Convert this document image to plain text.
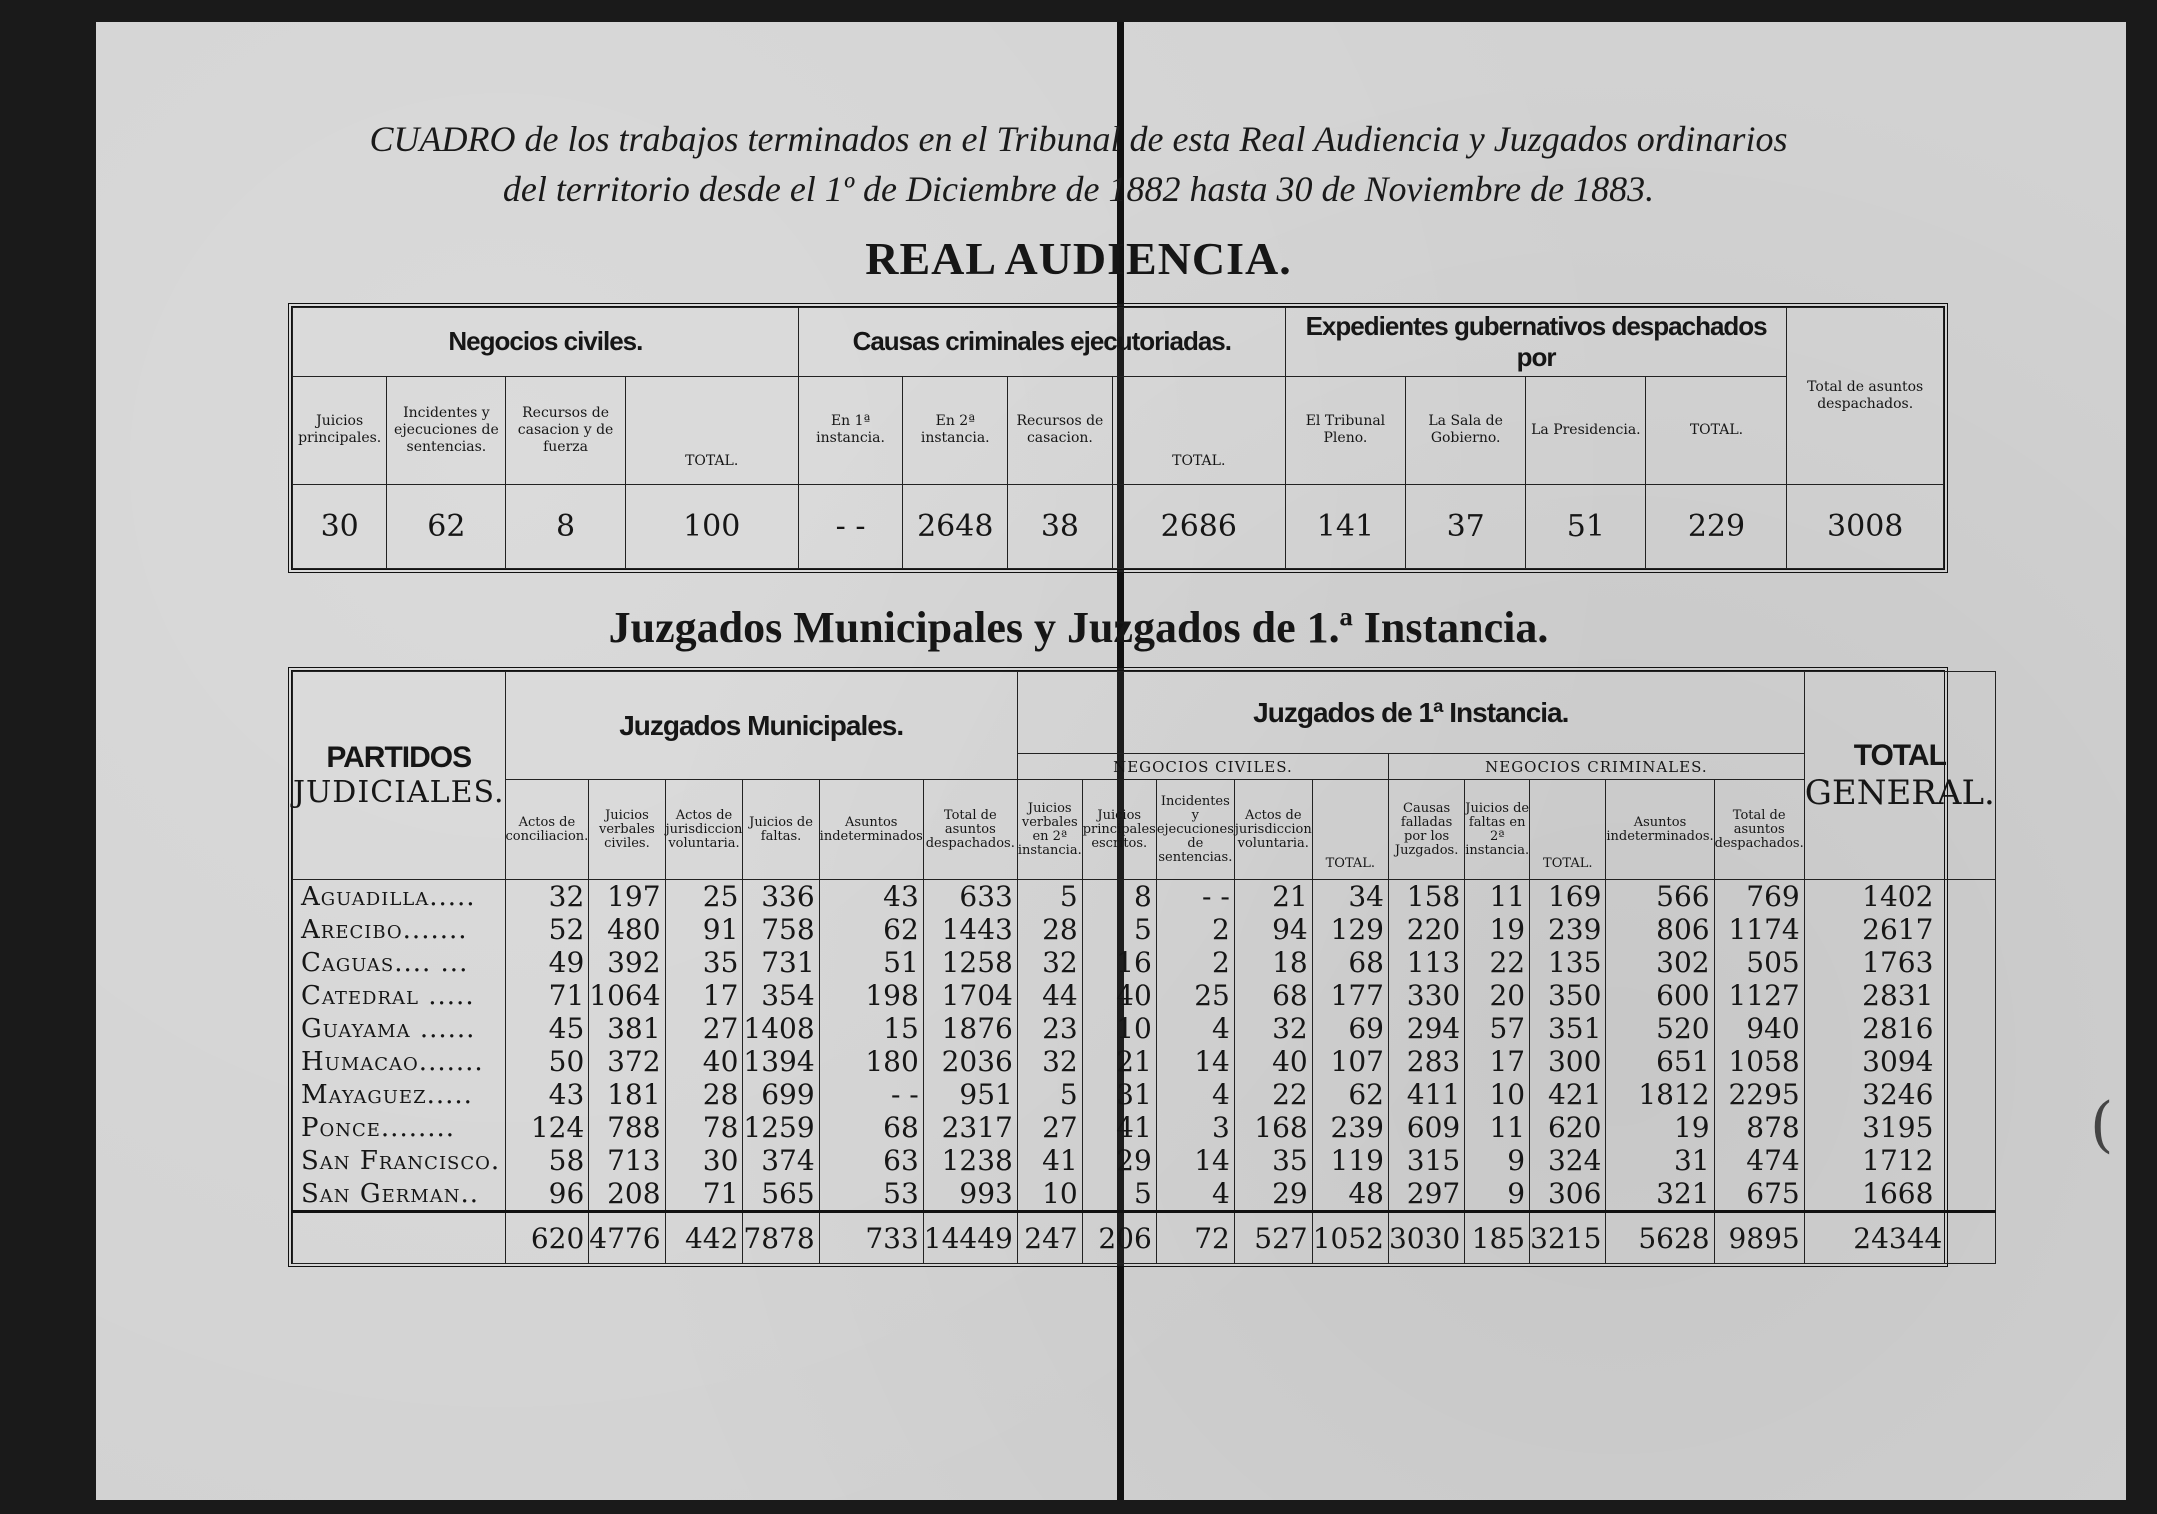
CUADRO de los trabajos terminados en el Tribunal de esta Real Audiencia y Juzgados ordinarios
del territorio desde el 1º de Diciembre de 1882 hasta 30 de Noviembre de 1883.
REAL AUDIENCIA.
Negocios civiles.				Causas criminales ejecutoriadas.				Expedientes gubernativos despachados por				Total de asuntos despachados.
Juicios principales.	Incidentes y ejecuciones de sentencias.	Recursos de casacion y de fuerza	TOTAL.	En 1ª instancia.	En 2ª instancia.	Recursos de casacion.	TOTAL.	El Tribunal Pleno.	La Sala de Gobierno.	La Presidencia.	TOTAL.	
30	62	8	100	- -	2648	38	2686	141	37	51	229	3008
Juzgados Municipales y Juzgados de 1.ª Instancia.
PARTIDOS
JUDICIALES.	Juzgados Municipales.						Juzgados de 1ª Instancia.										TOTAL
GENERAL.

							NEGOCIOS CIVILES.					NEGOCIOS CRIMINALES.					
	Actos de conciliacion.	Juicios verbales civiles.	Actos de jurisdiccion voluntaria.	Juicios de faltas.	Asuntos indeterminados	Total de asuntos despachados.	Juicios verbales en 2ª instancia.	Juicios principales escritos.	Incidentes y ejecuciones de sentencias.	Actos de jurisdiccion voluntaria.	TOTAL.	Causas falladas por los Juzgados.	Juicios de faltas en 2ª instancia.	TOTAL.	Asuntos indeterminados.	Total de asuntos despachados.	
Aguadilla.....	32	197	25	336	43	633	5	8	- -	21	34	158	11	169	566	769	1402
Arecibo.......	52	480	91	758	62	1443	28	5	2	94	129	220	19	239	806	1174	2617
Caguas.... ...	49	392	35	731	51	1258	32	16	2	18	68	113	22	135	302	505	1763
Catedral .....	71	1064	17	354	198	1704	44	40	25	68	177	330	20	350	600	1127	2831
Guayama ......	45	381	27	1408	15	1876	23	10	4	32	69	294	57	351	520	940	2816
Humacao.......	50	372	40	1394	180	2036	32	21	14	40	107	283	17	300	651	1058	3094
Mayaguez.....	43	181	28	699	- -	951	5	31	4	22	62	411	10	421	1812	2295	3246
Ponce........	124	788	78	1259	68	2317	27	41	3	168	239	609	11	620	19	878	3195
San Francisco.	58	713	30	374	63	1238	41	29	14	35	119	315	9	324	31	474	1712
San German..	96	208	71	565	53	993	10	5	4	29	48	297	9	306	321	675	1668
	620	4776	442	7878	733	14449	247	206	72	527	1052	3030	185	3215	5628	9895	24344
(
